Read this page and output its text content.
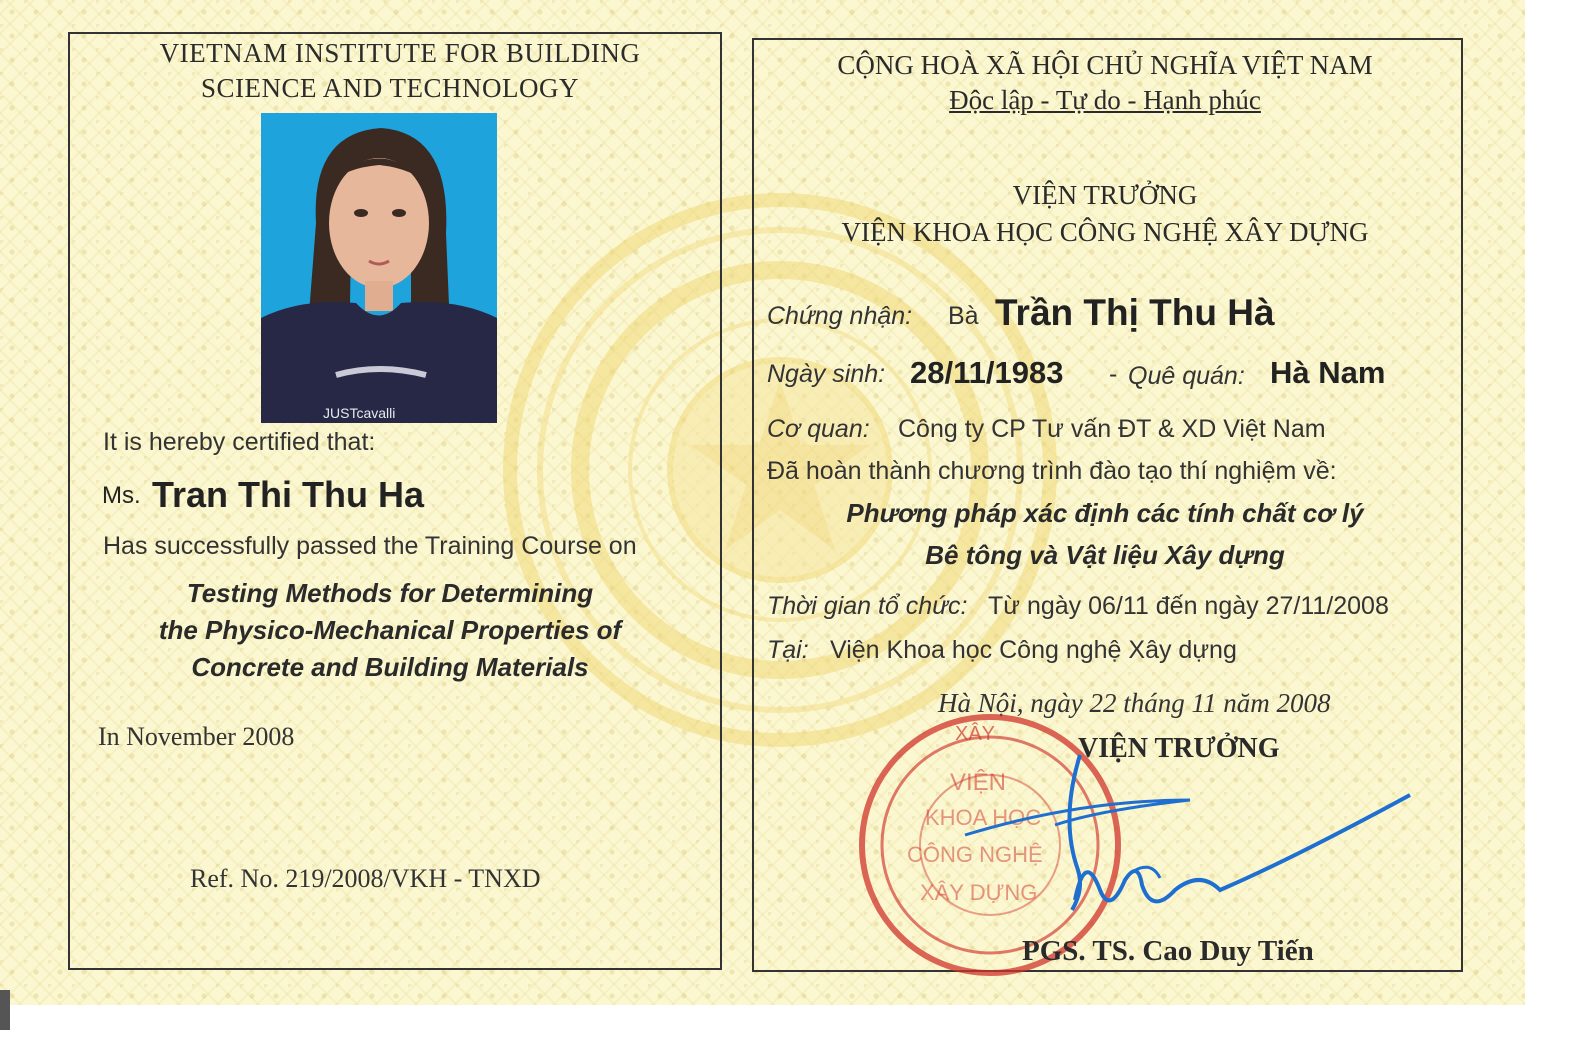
VIETNAM INSTITUTE FOR BUILDING
SCIENCE AND TECHNOLOGY
JUSTcavalli
It is hereby certified that:
Ms. Tran Thi Thu Ha
Has successfully passed the Training Course on
Testing Methods for Determining
the Physico-Mechanical Properties of
Concrete and Building Materials
In November 2008
Ref. No. 219/2008/VKH - TNXD
CỘNG HOÀ XÃ HỘI CHỦ NGHĨA VIỆT NAM
Độc lập - Tự do - Hạnh phúc
VIỆN TRƯỞNG
VIỆN KHOA HỌC CÔNG NGHỆ XÂY DỰNG
Chứng nhận: Bà Trần Thị Thu Hà
Ngày sinh: 28/11/1983 - Quê quán: Hà Nam
Cơ quan: Công ty CP Tư vấn ĐT & XD Việt Nam
Đã hoàn thành chương trình đào tạo thí nghiệm về:
Phương pháp xác định các tính chất cơ lý
Bê tông và Vật liệu Xây dựng
Thời gian tổ chức: Từ ngày 06/11 đến ngày 27/11/2008
Tại: Viện Khoa học Công nghệ Xây dựng
Hà Nội, ngày 22 tháng 11 năm 2008
XÂY
VIỆN
KHOA HỌC
CÔNG NGHỆ
XÂY DỰNG
VIỆN TRƯỞNG
PGS. TS. Cao Duy Tiến
